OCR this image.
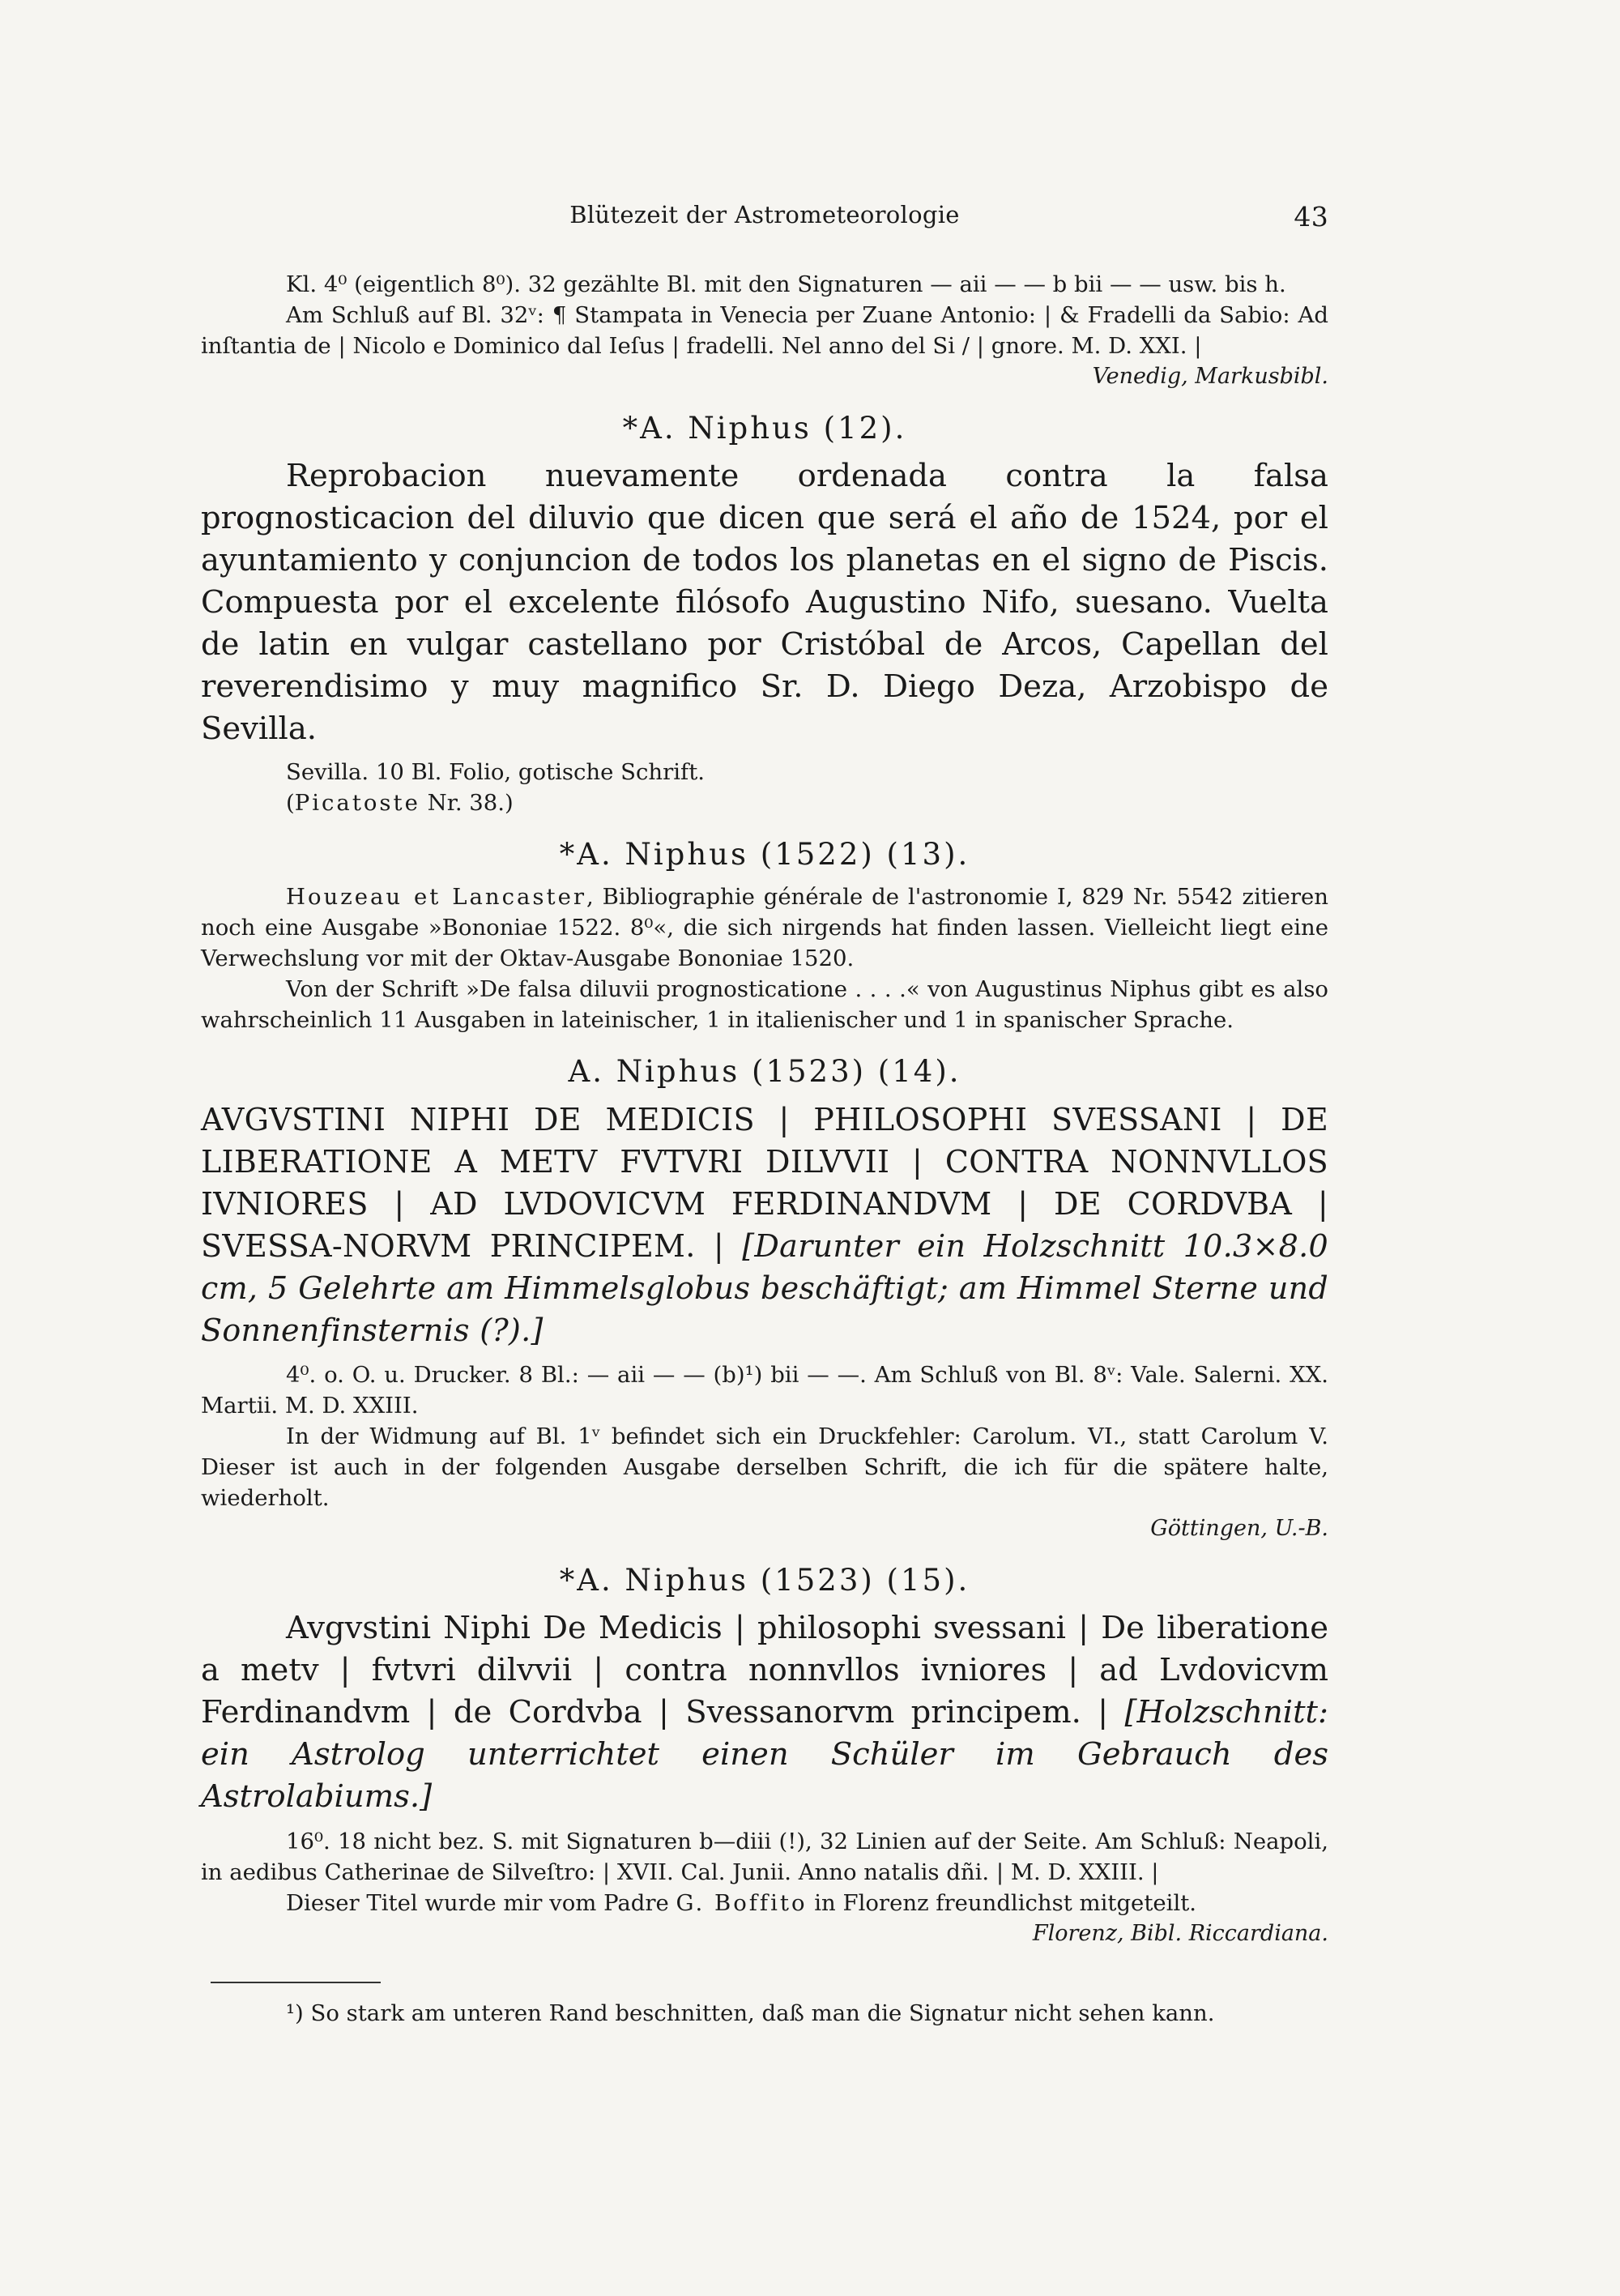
Blütezeit der Astrometeorologie	43

Kl. 4⁰ (eigentlich 8⁰). 32 gezählte Bl. mit den Signaturen — aii — — b bii — — usw. bis h.

Am Schluß auf Bl. 32ᵛ: ¶ Stampata in Venecia per Zuane Antonio: | & Fradelli da Sabio: Ad inſtantia de | Nicolo e Dominico dal Ieſus | fradelli. Nel anno del Si / | gnore. M. D. XXI. |

Venedig, Markusbibl.

*A. Niphus (12).

Reprobacion nuevamente ordenada contra la falsa prognosticacion del diluvio que dicen que será el año de 1524, por el ayuntamiento y conjuncion de todos los planetas en el signo de Piscis. Compuesta por el excelente filósofo Augustino Nifo, suesano. Vuelta de latin en vulgar castellano por Cristóbal de Arcos, Capellan del reverendisimo y muy magnifico Sr. D. Diego Deza, Arzobispo de Sevilla.

Sevilla. 10 Bl. Folio, gotische Schrift.

(Picatoste Nr. 38.)

*A. Niphus (1522) (13).

Houzeau et Lancaster, Bibliographie générale de l'astronomie I, 829 Nr. 5542 zitieren noch eine Ausgabe »Bononiae 1522. 8⁰«, die sich nirgends hat finden lassen. Vielleicht liegt eine Verwechslung vor mit der Oktav-Ausgabe Bononiae 1520.

Von der Schrift »De falsa diluvii prognosticatione . . . .« von Augustinus Niphus gibt es also wahrscheinlich 11 Ausgaben in lateinischer, 1 in italienischer und 1 in spanischer Sprache.

A. Niphus (1523) (14).

AVGVSTINI NIPHI DE MEDICIS | PHILOSOPHI SVESSANI | DE LIBERATIONE A METV FVTVRI DILVVII | CONTRA NONNVLLOS IVNIORES | AD LVDOVICVM FERDINANDVM | DE CORDVBA | SVESSA-NORVM PRINCIPEM. | [Darunter ein Holzschnitt 10.3×8.0 cm, 5 Gelehrte am Himmelsglobus beschäftigt; am Himmel Sterne und Sonnenfinsternis (?).]

4⁰. o. O. u. Drucker. 8 Bl.: — aii — — (b)¹) bii — —. Am Schluß von Bl. 8ᵛ: Vale. Salerni. XX. Martii. M. D. XXIII.

In der Widmung auf Bl. 1ᵛ befindet sich ein Druckfehler: Carolum. VI., statt Carolum V. Dieser ist auch in der folgenden Ausgabe derselben Schrift, die ich für die spätere halte, wiederholt.

Göttingen, U.-B.

*A. Niphus (1523) (15).

Avgvstini Niphi De Medicis | philosophi svessani | De liberatione a metv | fvtvri dilvvii | contra nonnvllos ivniores | ad Lvdovicvm Ferdinandvm | de Cordvba | Svessanorvm principem. | [Holzschnitt: ein Astrolog unterrichtet einen Schüler im Gebrauch des Astrolabiums.]

16⁰. 18 nicht bez. S. mit Signaturen b—diii (!), 32 Linien auf der Seite. Am Schluß: Neapoli, in aedibus Catherinae de Silveſtro: | XVII. Cal. Junii. Anno natalis dñi. | M. D. XXIII. |

Dieser Titel wurde mir vom Padre G. Boffito in Florenz freundlichst mitgeteilt.

Florenz, Bibl. Riccardiana.

¹) So stark am unteren Rand beschnitten, daß man die Signatur nicht sehen kann.
